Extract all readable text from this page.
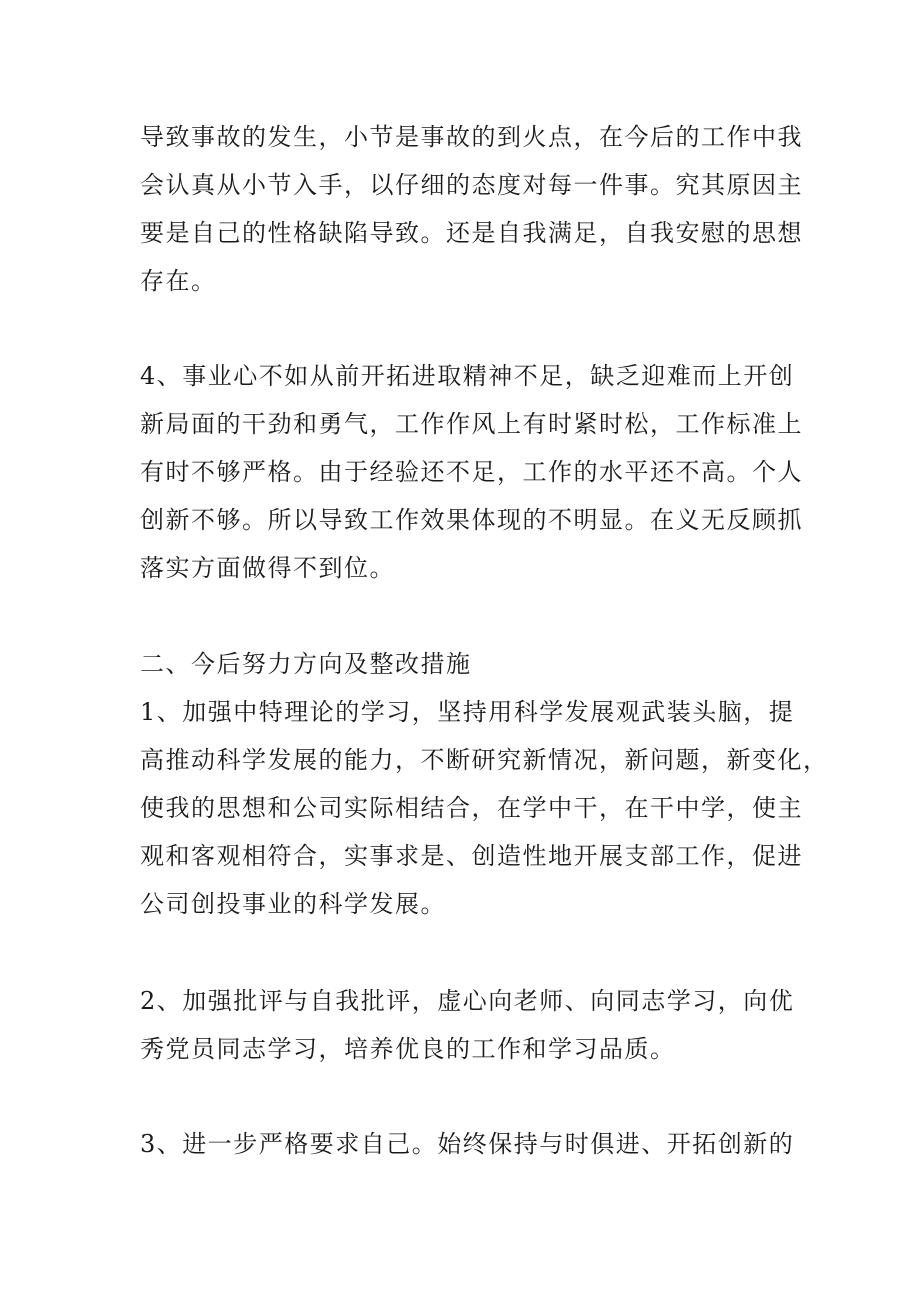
导致事故的发生，小节是事故的到火点，在今后的工作中我
会认真从小节入手，以仔细的态度对每一件事。究其原因主
要是自己的性格缺陷导致。还是自我满足，自我安慰的思想
存在。
4、事业心不如从前开拓进取精神不足，缺乏迎难而上开创
新局面的干劲和勇气，工作作风上有时紧时松，工作标准上
有时不够严格。由于经验还不足，工作的水平还不高。个人
创新不够。所以导致工作效果体现的不明显。在义无反顾抓
落实方面做得不到位。
二、今后努力方向及整改措施
1、加强中特理论的学习，坚持用科学发展观武装头脑，提
高推动科学发展的能力，不断研究新情况，新问题，新变化，
使我的思想和公司实际相结合，在学中干，在干中学，使主
观和客观相符合，实事求是、创造性地开展支部工作，促进
公司创投事业的科学发展。
2、加强批评与自我批评，虚心向老师、向同志学习，向优
秀党员同志学习，培养优良的工作和学习品质。
3、进一步严格要求自己。始终保持与时俱进、开拓创新的
